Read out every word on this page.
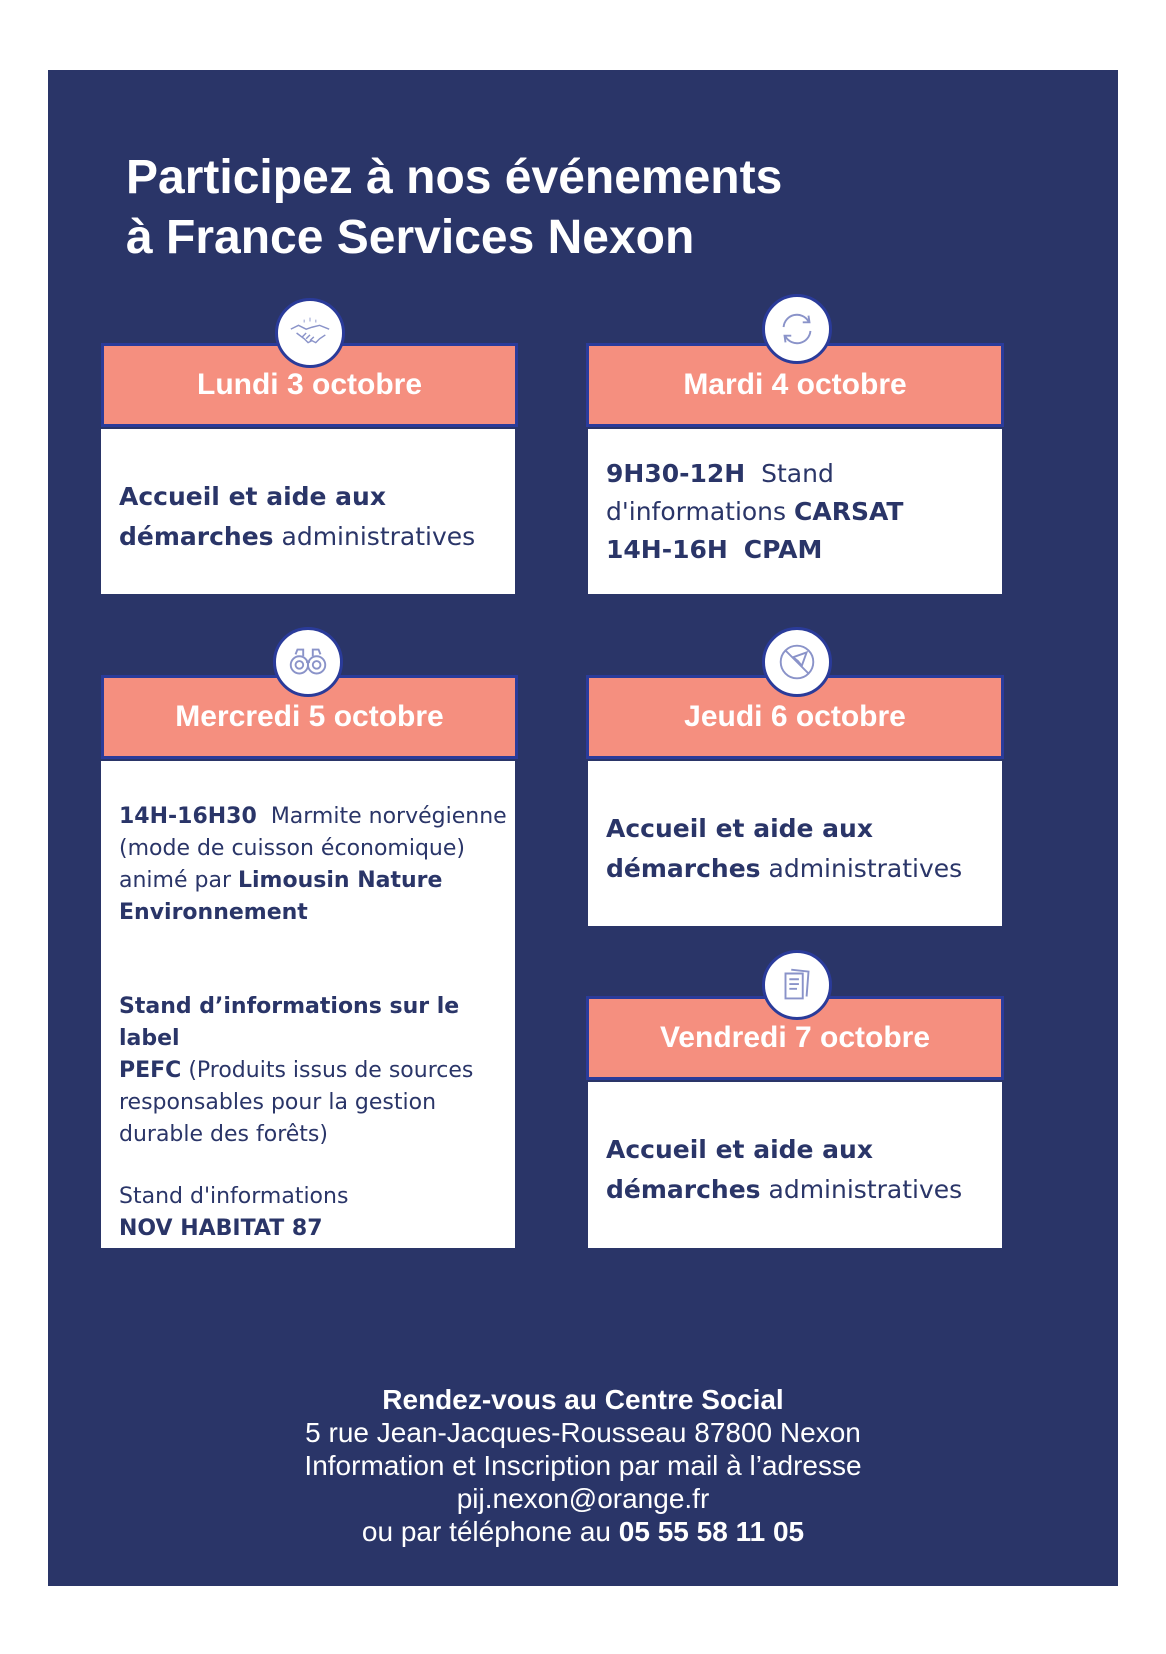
Participez à nos événements
à France Services Nexon
Lundi 3 octobre
Accueil et aide aux
démarches administratives
Mardi 4 octobre
9H30-12H Stand
d'informations CARSAT
14H-16H CPAM
Mercredi 5 octobre
14H-16H30 Marmite norvégienne
(mode de cuisson économique)
animé par Limousin Nature
Environnement
Stand d’informations sur le label
PEFC (Produits issus de sources
responsables pour la gestion
durable des forêts)
Stand d'informations
NOV HABITAT 87
Jeudi 6 octobre
Accueil et aide aux
démarches administratives
Vendredi 7 octobre
Accueil et aide aux
démarches administratives
Rendez-vous au Centre Social
5 rue Jean-Jacques-Rousseau 87800 Nexon
Information et Inscription par mail à l’adresse
pij.nexon@orange.fr
ou par téléphone au 05 55 58 11 05
